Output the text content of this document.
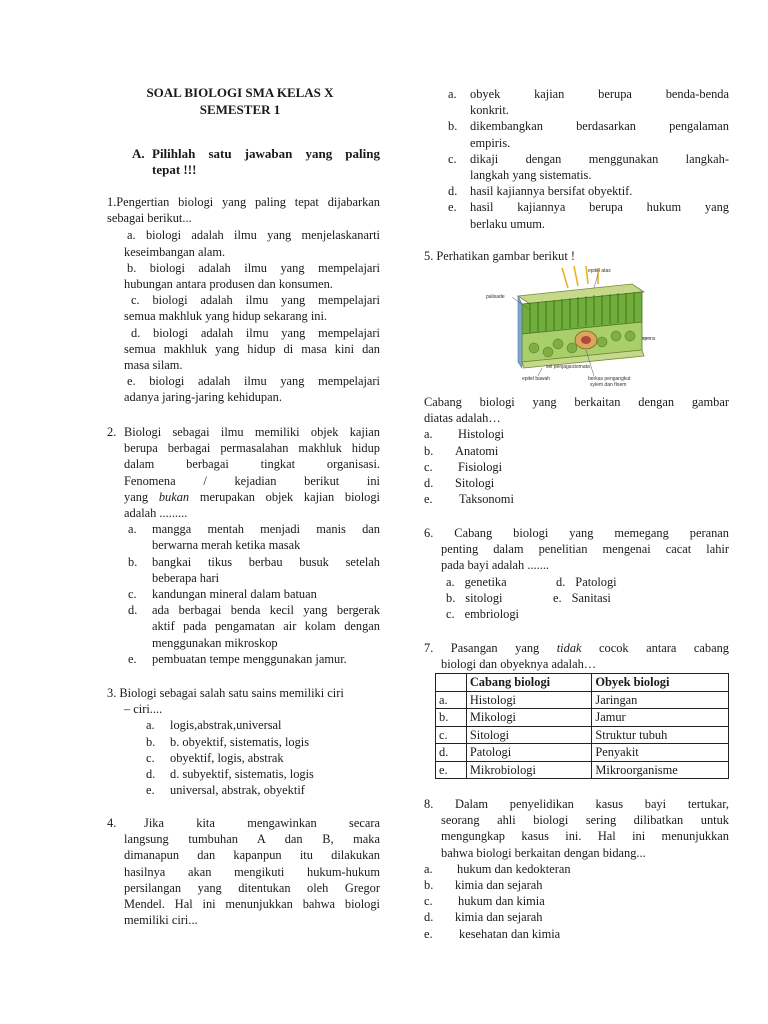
SOAL BIOLOGI SMA KELAS X
SEMESTER 1
A. Pilihlah satu jawaban yang paling
tepat !!!
1.Pengertian biologi yang paling tepat dijabarkan
sebagai berikut...
a. biologi adalah ilmu yang menjelaskanarti
keseimbangan alam.
b. biologi adalah ilmu yang mempelajari
hubungan antara produsen dan konsumen.
c. biologi adalah ilmu yang mempelajari
semua makhluk yang hidup sekarang ini.
d. biologi adalah ilmu yang mempelajari
semua makhluk yang hidup di masa kini dan
masa silam.
e. biologi adalah ilmu yang mempelajari
adanya jaring-jaring kehidupan.
2. Biologi sebagai ilmu memiliki objek kajian
berupa berbagai permasalahan makhluk hidup
dalam berbagai tingkat organisasi.
Fenomena / kejadian berikut ini
yang bukan merupakan objek kajian biologi
adalah .........
a. mangga mentah menjadi manis dan
berwarna merah ketika masak
b. bangkai tikus berbau busuk setelah
beberapa hari
c. kandungan mineral dalam batuan
d. ada berbagai benda kecil yang bergerak
aktif pada pengamatan air kolam dengan
menggunakan mikroskop
e. pembuatan tempe menggunakan jamur.
3. Biologi sebagai salah satu sains memiliki ciri
– ciri....
a. logis,abstrak,universal
b. b. obyektif, sistematis, logis
c. obyektif, logis, abstrak
d. d. subyektif, sistematis, logis
e. universal, abstrak, obyektif
4.	Jika kita mengawinkan secara
langsung tumbuhan A dan B, maka
dimanapun dan kapanpun itu dilakukan
hasilnya akan mengikuti hukum-hukum
persilangan yang ditentukan oleh Gregor
Mendel. Hal ini menunjukkan bahwa biologi
memiliki ciri...
a. obyek kajian berupa benda-benda
konkrit.
b. dikembangkan berdasarkan pengalaman
empiris.
c. dikaji dengan menggunakan langkah-
langkah yang sistematis.
d. hasil kajiannya bersifat obyektif.
e. hasil kajiannya berupa hukum yang
berlaku umum.
5. Perhatikan gambar berikut !
palisade
epitel atas
spons
sel penjaga stomata
epitel bawah	berkas pengangkut
xylem dan floem
Cabang biologi yang berkaitan dengan gambar
diatas adalah…
a. Histologi
b. Anatomi
c. Fisiologi
d. Sitologi
e. Taksonomi
6. Cabang biologi yang memegang peranan
penting dalam penelitian mengenai cacat lahir
pada bayi adalah .......
a. genetika	d. Patologi
b. sitologi	e. Sanitasi
c. embriologi
7. Pasangan yang tidak cocok antara cabang
biologi dan obyeknya adalah…
	Cabang biologi	Obyek biologi
a.	Histologi	Jaringan
b.	Mikologi	Jamur
c.	Sitologi	Struktur tubuh
d.	Patologi	Penyakit
e.	Mikrobiologi	Mikroorganisme
8. Dalam penyelidikan kasus bayi tertukar,
seorang ahli biologi sering dilibatkan untuk
mengungkap kasus ini. Hal ini menunjukkan
bahwa biologi berkaitan dengan bidang...
a. hukum dan kedokteran
b. kimia dan sejarah
c. hukum dan kimia
d. kimia dan sejarah
e. kesehatan dan kimia
